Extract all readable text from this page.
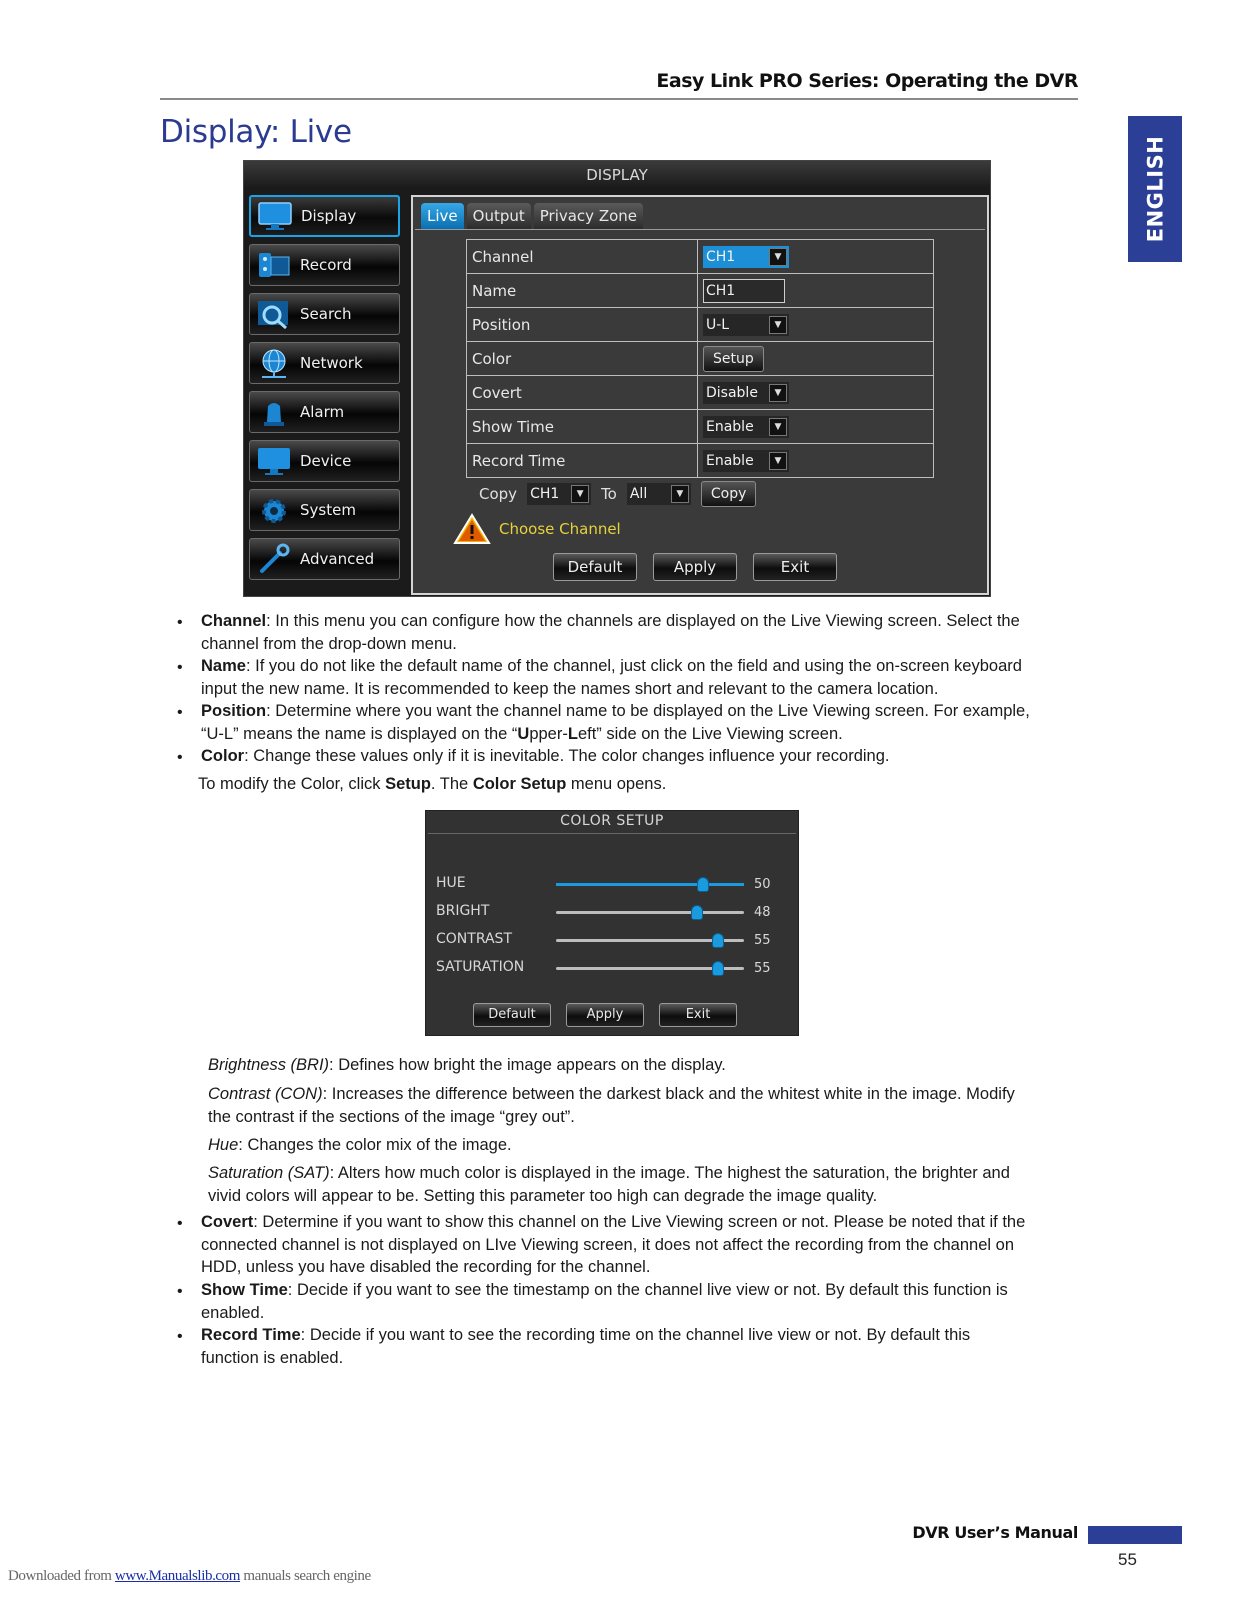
Easy Link PRO Series: Operating the DVR
Display: Live
ENGLISH
DISPLAY
Display
Record
Search
Network
Alarm
Device
System
Advanced
Live	Output	Privacy Zone
Channel	CH1 ▼

Name	CH1
Position	U-L ▼

Color	Setup
Covert	Disable ▼

Show Time	Enable ▼

Record Time	Enable ▼
Copy CH1	▼	To All	▼	Copy
Choose Channel
Default	Apply	Exit
• Channel: In this menu you can configure how the channels are displayed on the Live Viewing screen. Select the
channel from the drop-down menu.

• Name: If you do not like the default name of the channel, just click on the field and using the on-screen keyboard
input the new name. It is recommended to keep the names short and relevant to the camera location.

• Position: Determine where you want the channel name to be displayed on the Live Viewing screen. For example,
“U-L” means the name is displayed on the “Upper-Left” side on the Live Viewing screen.

• Color: Change these values only if it is inevitable. The color changes influence your recording.

To modify the Color, click Setup. The Color Setup menu opens.

COLOR SETUP
HUE	50
BRIGHT	48
CONTRAST	55
SATURATION	55
Default	Apply	Exit

Brightness (BRI): Defines how bright the image appears on the display.

Contrast (CON): Increases the difference between the darkest black and the whitest white in the image. Modify
the contrast if the sections of the image “grey out”.

Hue: Changes the color mix of the image.

Saturation (SAT): Alters how much color is displayed in the image. The highest the saturation, the brighter and
vivid colors will appear to be. Setting this parameter too high can degrade the image quality.

• Covert: Determine if you want to show this channel on the Live Viewing screen or not. Please be noted that if the
connected channel is not displayed on LIve Viewing screen, it does not affect the recording from the channel on
HDD, unless you have disabled the recording for the channel.

• Show Time: Decide if you want to see the timestamp on the channel live view or not. By default this function is
enabled.

• Record Time: Decide if you want to see the recording time on the channel live view or not. By default this
function is enabled.

DVR User’s Manual
55
Downloaded from www.Manualslib.com manuals search engine
